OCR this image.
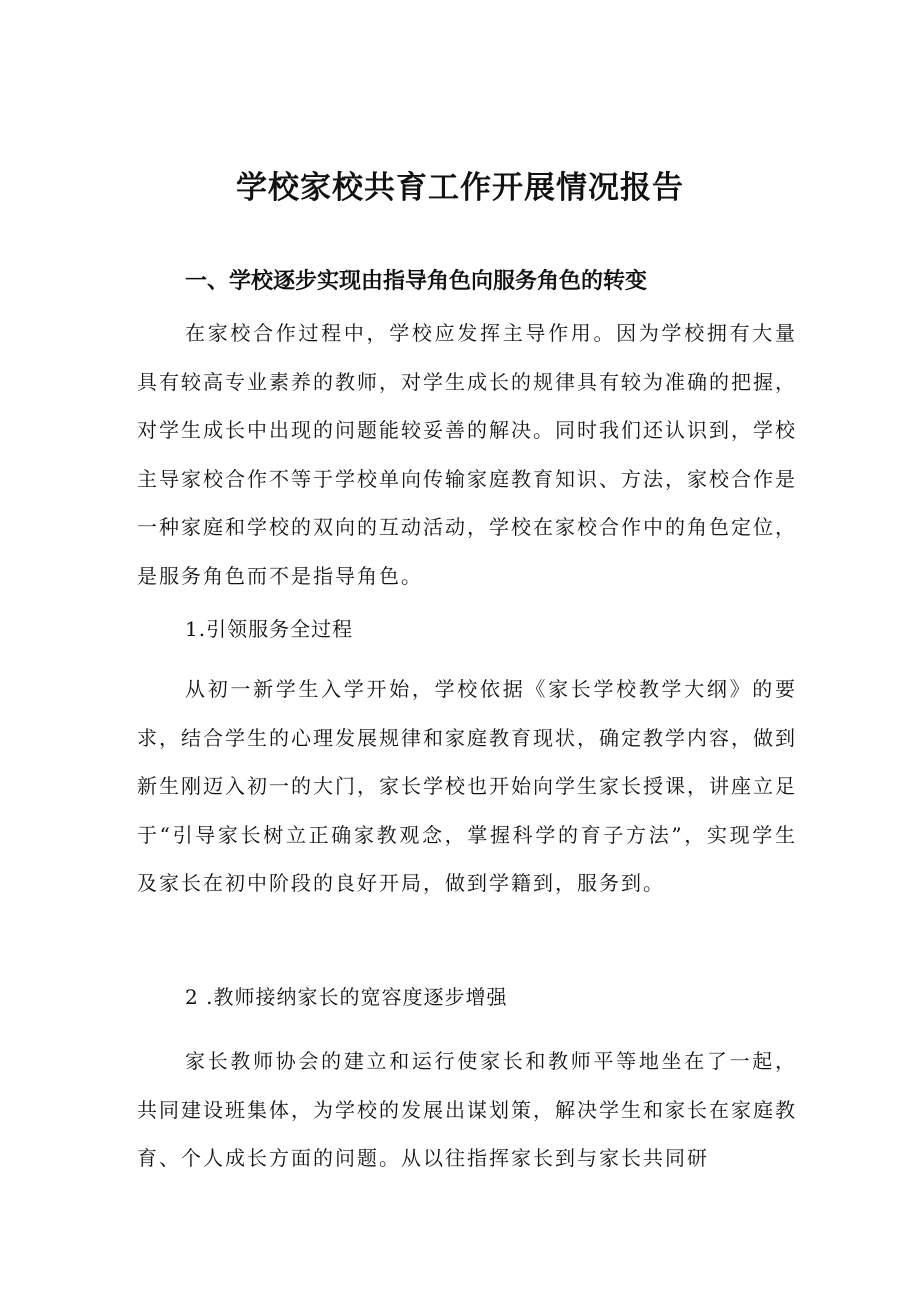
学校家校共育工作开展情况报告
一、学校逐步实现由指导角色向服务角色的转变

在家校合作过程中，学校应发挥主导作用。因为学校拥有大量具有较高专业素养的教师，对学生成长的规律具有较为准确的把握，对学生成长中出现的问题能较妥善的解决。同时我们还认识到，学校主导家校合作不等于学校单向传输家庭教育知识、方法，家校合作是一种家庭和学校的双向的互动活动，学校在家校合作中的角色定位，是服务角色而不是指导角色。

1.引领服务全过程

从初一新学生入学开始，学校依据《家长学校教学大纲》的要求，结合学生的心理发展规律和家庭教育现状，确定教学内容，做到新生刚迈入初一的大门，家长学校也开始向学生家长授课，讲座立足于“引导家长树立正确家教观念，掌握科学的育子方法”，实现学生及家长在初中阶段的良好开局，做到学籍到，服务到。

2 .教师接纳家长的宽容度逐步增强

家长教师协会的建立和运行使家长和教师平等地坐在了一起，共同建设班集体，为学校的发展出谋划策，解决学生和家长在家庭教育、个人成长方面的问题。从以往指挥家长到与家长共同研
